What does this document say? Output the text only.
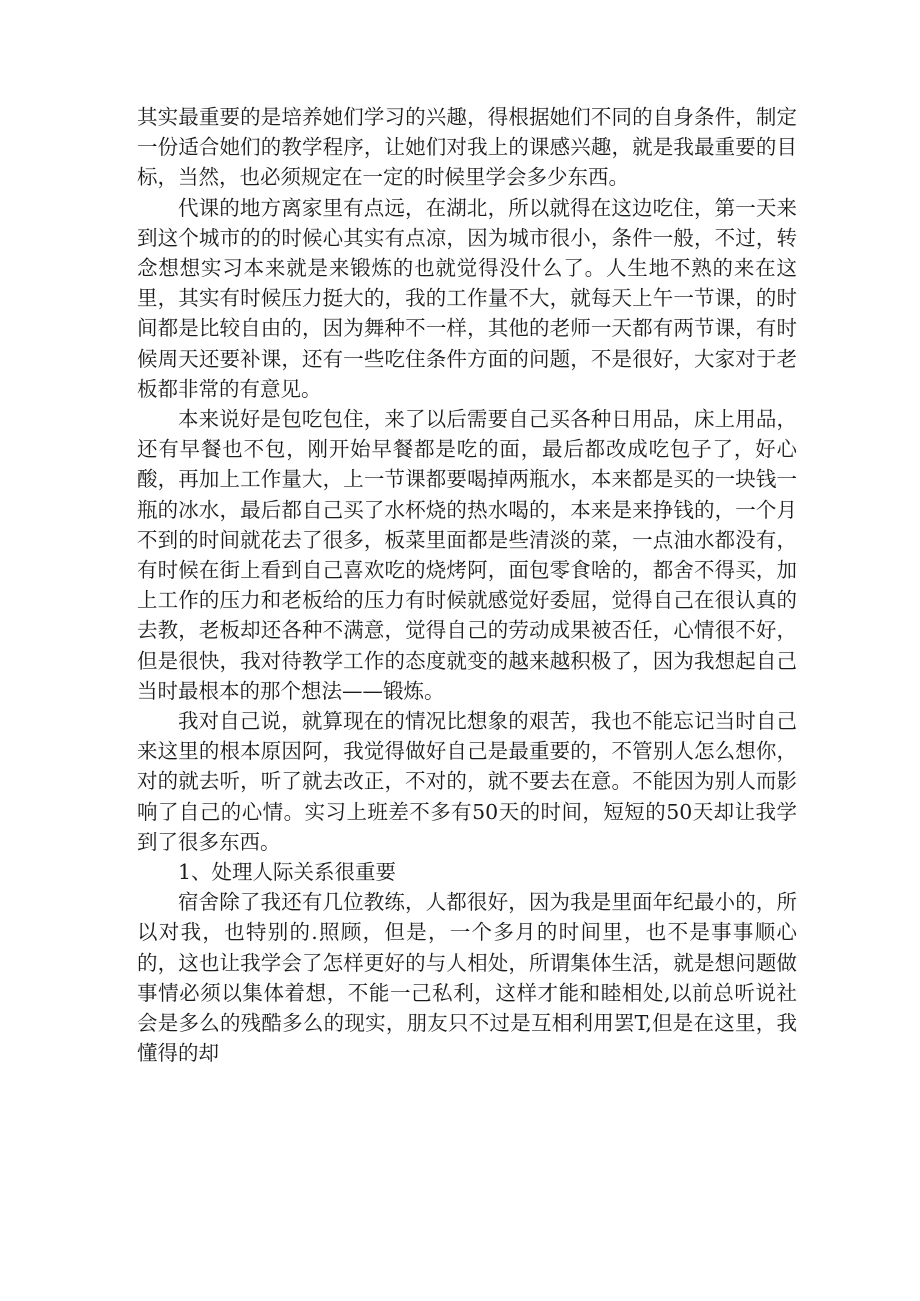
其实最重要的是培养她们学习的兴趣，得根据她们不同的自身条件，制定一份适合她们的教学程序，让她们对我上的课感兴趣，就是我最重要的目标，当然，也必须规定在一定的时候里学会多少东西。

代课的地方离家里有点远，在湖北，所以就得在这边吃住，第一天来到这个城市的的时候心其实有点凉，因为城市很小，条件一般，不过，转念想想实习本来就是来锻炼的也就觉得没什么了。人生地不熟的来在这里，其实有时候压力挺大的，我的工作量不大，就每天上午一节课，的时间都是比较自由的，因为舞种不一样，其他的老师一天都有两节课，有时候周天还要补课，还有一些吃住条件方面的问题，不是很好，大家对于老板都非常的有意见。

本来说好是包吃包住，来了以后需要自己买各种日用品，床上用品，还有早餐也不包，刚开始早餐都是吃的面，最后都改成吃包子了，好心酸，再加上工作量大，上一节课都要喝掉两瓶水，本来都是买的一块钱一瓶的冰水，最后都自己买了水杯烧的热水喝的，本来是来挣钱的，一个月不到的时间就花去了很多，板菜里面都是些清淡的菜，一点油水都没有，有时候在街上看到自己喜欢吃的烧烤阿，面包零食啥的，都舍不得买，加上工作的压力和老板给的压力有时候就感觉好委屈，觉得自己在很认真的去教，老板却还各种不满意，觉得自己的劳动成果被否任，心情很不好，但是很快，我对待教学工作的态度就变的越来越积极了，因为我想起自己当时最根本的那个想法——锻炼。

我对自己说，就算现在的情况比想象的艰苦，我也不能忘记当时自己来这里的根本原因阿，我觉得做好自己是最重要的，不管别人怎么想你，对的就去听，听了就去改正，不对的，就不要去在意。不能因为别人而影响了自己的心情。实习上班差不多有50天的时间，短短的50天却让我学到了很多东西。

1、处理人际关系很重要

宿舍除了我还有几位教练，人都很好，因为我是里面年纪最小的，所以对我，也特别的.照顾，但是，一个多月的时间里，也不是事事顺心的，这也让我学会了怎样更好的与人相处，所谓集体生活，就是想问题做事情必须以集体着想，不能一己私利，这样才能和睦相处,以前总听说社会是多么的残酷多么的现实，朋友只不过是互相利用罢T,但是在这里，我懂得的却
